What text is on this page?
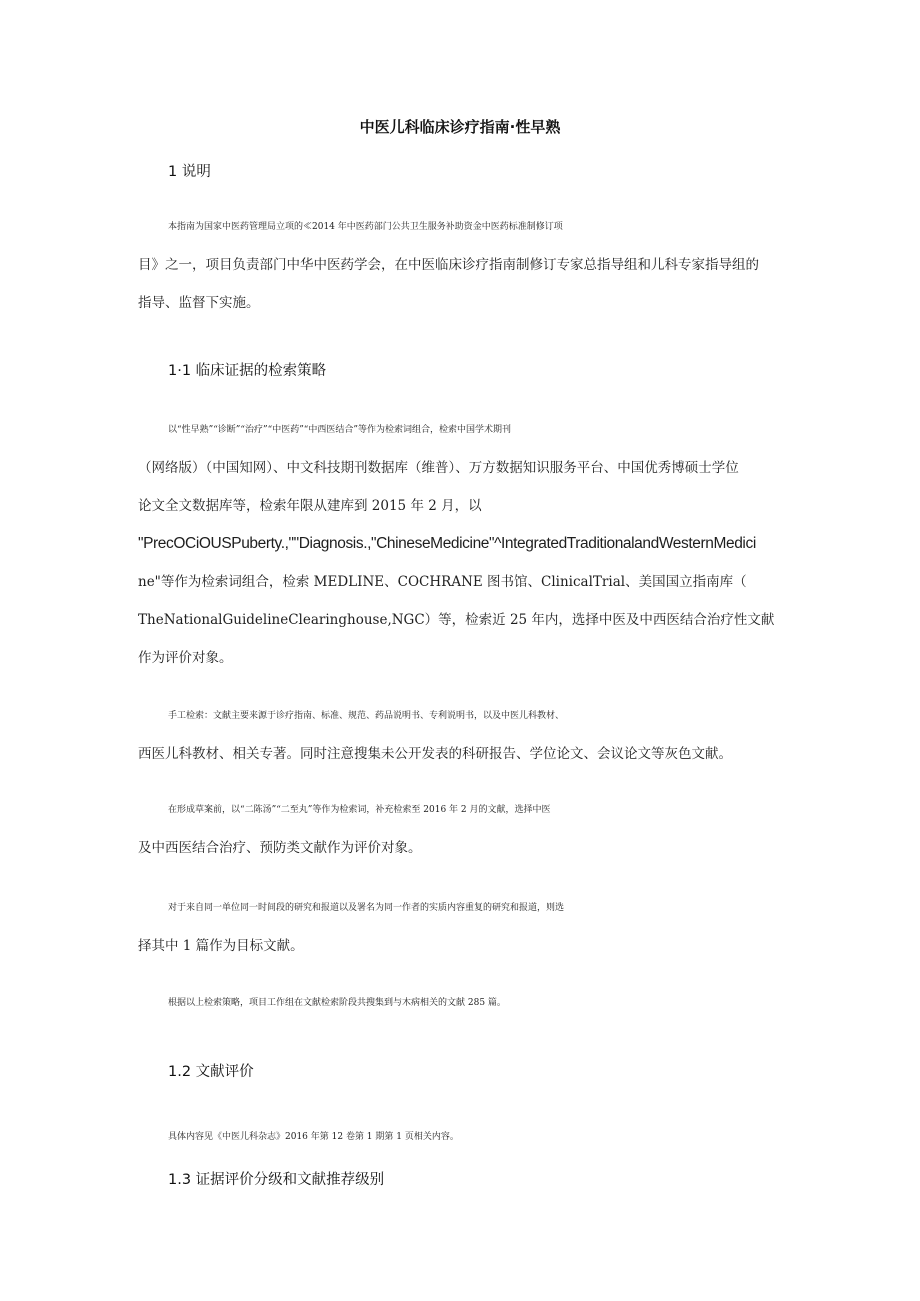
中医儿科临床诊疗指南·性早熟
1 说明
本指南为国家中医药管理局立项的≪2014 年中医药部门公共卫生服务补助资金中医药标准制修订项
目》之一，项目负责部门中华中医药学会，在中医临床诊疗指南制修订专家总指导组和儿科专家指导组的
指导、监督下实施。
1·1 临床证据的检索策略
以“性早熟”“诊断”“治疗”“中医药”“中西医结合”等作为检索词组合，检索中国学术期刊
（网络版）（中国知网）、中文科技期刊数据库（维普）、万方数据知识服务平台、中国优秀博硕士学位
论文全文数据库等，检索年限从建库到 2015 年 2 月，以
"PrecOCiOUSPuberty.,""Diagnosis.,"ChineseMedicine"^IntegratedTraditionalandWesternMedici
ne"等作为检索词组合，检索 MEDLINE、COCHRANE 图书馆、ClinicalTrial、美国国立指南库（
TheNationalGuidelineClearinghouse,NGC）等，检索近 25 年内，选择中医及中西医结合治疗性文献
作为评价对象。
手工检索：文献主要来源于诊疗指南、标准、规范、药品说明书、专利说明书，以及中医儿科教材、
西医儿科教材、相关专著。同时注意搜集未公开发表的科研报告、学位论文、会议论文等灰色文献。
在形成草案前，以“二陈汤”“二至丸”等作为检索词，补充检索至 2016 年 2 月的文献，选择中医
及中西医结合治疗、预防类文献作为评价对象。
对于来自同一单位同一时间段的研究和报道以及署名为同一作者的实质内容重复的研究和报道，则选
择其中 1 篇作为目标文献。
根据以上检索策略，项目工作组在文献检索阶段共搜集到与木病相关的文献 285 篇。
1.2 文献评价
具体内容见《中医儿科杂志》2016 年第 12 卷第 1 期第 1 页相关内容。
1.3 证据评价分级和文献推荐级别
